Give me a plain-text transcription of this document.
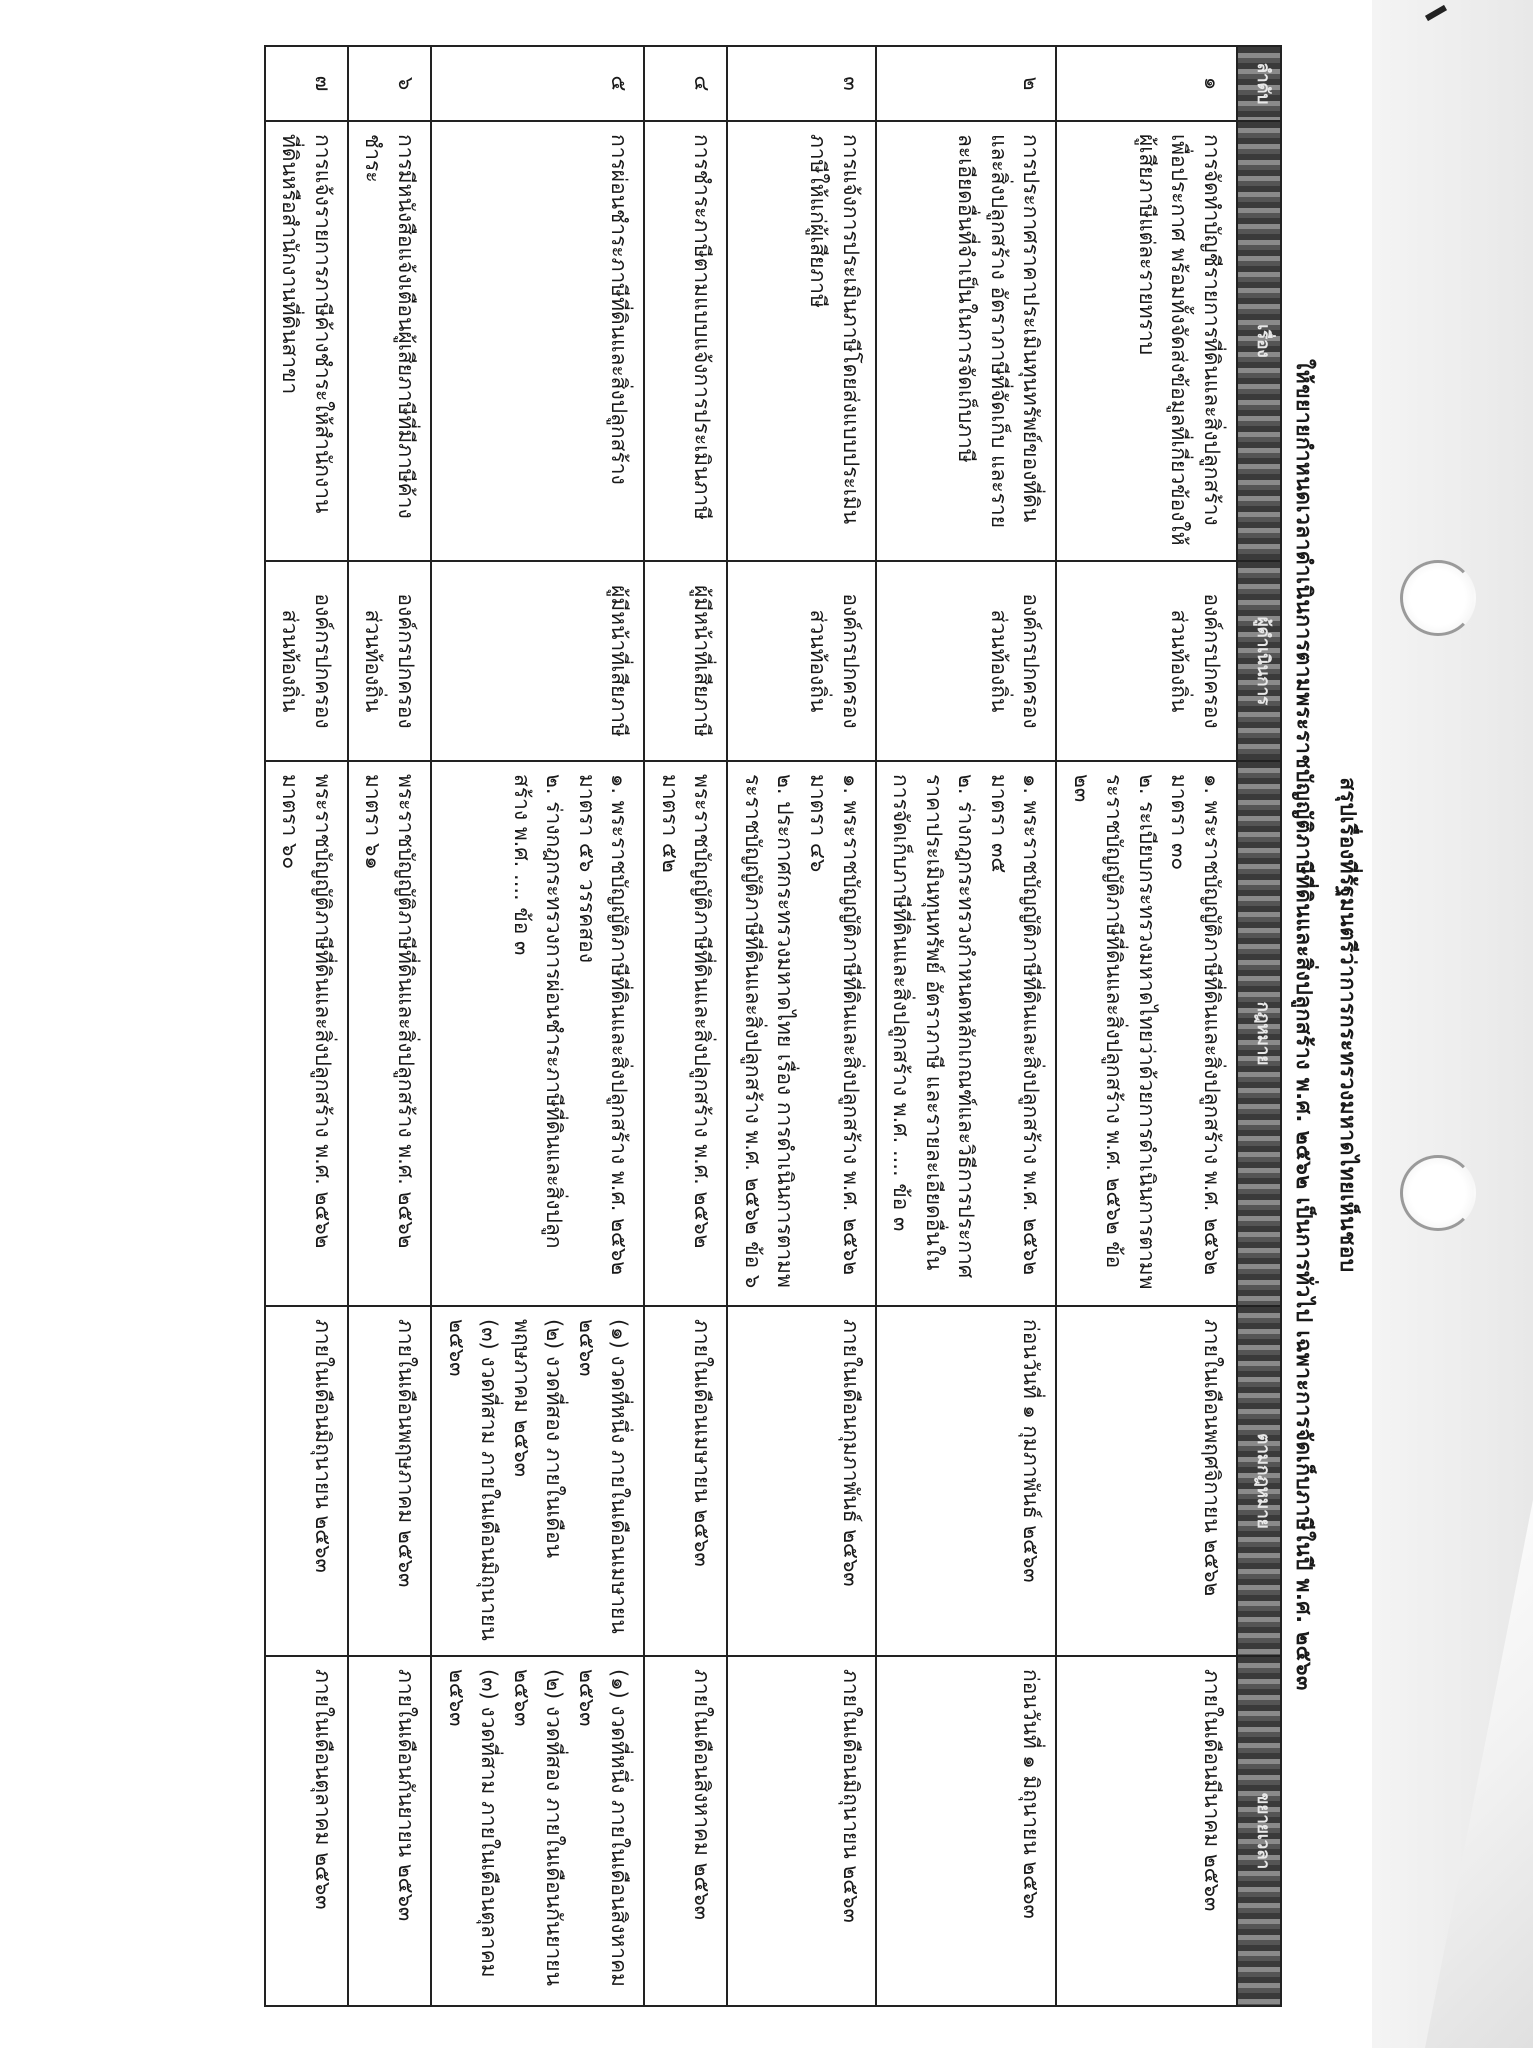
สรุปเรื่องที่รัฐมนตรีว่าการกระทรวงมหาดไทยเห็นชอบ
ให้ขยายกำหนดเวลาดำเนินการตามพระราชบัญญัติภาษีที่ดินและสิ่งปลูกสร้าง พ.ศ. ๒๕๖๒ เป็นการทั่วไป เฉพาะการจัดเก็บภาษีในปี พ.ศ. ๒๕๖๓
ลำดับ	เรื่อง	ผู้ดำเนินการ	กฎหมาย	ตามกฎหมาย	ขยายเวลา
๑	การจัดทำบัญชีรายการที่ดินและสิ่งปลูกสร้างเพื่อประกาศ พร้อมทั้งจัดส่งข้อมูลที่เกี่ยวข้องให้ผู้เสียภาษีแต่ละรายทราบ	องค์กรปกครองส่วนท้องถิ่น	๑. พระราชบัญญัติภาษีที่ดินและสิ่งปลูกสร้าง พ.ศ. ๒๕๖๒ มาตรา ๓๐
๒. ระเบียบกระทรวงมหาดไทยว่าด้วยการดำเนินการตามพระราชบัญญัติภาษีที่ดินและสิ่งปลูกสร้าง พ.ศ. ๒๕๖๒ ข้อ ๒๓	ภายในเดือนพฤศจิกายน ๒๕๖๒	ภายในเดือนมีนาคม ๒๕๖๓

๒	การประกาศราคาประเมินทุนทรัพย์ของที่ดินและสิ่งปลูกสร้าง อัตราภาษีที่จัดเก็บ และรายละเอียดอื่นที่จำเป็นในการจัดเก็บภาษี	องค์กรปกครองส่วนท้องถิ่น	๑. พระราชบัญญัติภาษีที่ดินและสิ่งปลูกสร้าง พ.ศ. ๒๕๖๒ มาตรา ๓๕
๒. ร่างกฎกระทรวงกำหนดหลักเกณฑ์และวิธีการประกาศราคาประเมินทุนทรัพย์ อัตราภาษี และรายละเอียดอื่นในการจัดเก็บภาษีที่ดินและสิ่งปลูกสร้าง พ.ศ. .... ข้อ ๓	ก่อนวันที่ ๑ กุมภาพันธ์ ๒๕๖๓	ก่อนวันที่ ๑ มิถุนายน ๒๕๖๓

๓	การแจ้งการประเมินภาษีโดยส่งแบบประเมินภาษีให้แก่ผู้เสียภาษี	องค์กรปกครองส่วนท้องถิ่น	๑. พระราชบัญญัติภาษีที่ดินและสิ่งปลูกสร้าง พ.ศ. ๒๕๖๒ มาตรา ๔๖
๒. ประกาศกระทรวงมหาดไทย เรื่อง การดำเนินการตามพระราชบัญญัติภาษีที่ดินและสิ่งปลูกสร้าง พ.ศ. ๒๕๖๒ ข้อ ๖	ภายในเดือนกุมภาพันธ์ ๒๕๖๓	ภายในเดือนมิถุนายน ๒๕๖๓

๔	การชำระภาษีตามแบบแจ้งการประเมินภาษี	ผู้มีหน้าที่เสียภาษี	พระราชบัญญัติภาษีที่ดินและสิ่งปลูกสร้าง พ.ศ. ๒๕๖๒ มาตรา ๕๒	ภายในเดือนเมษายน ๒๕๖๓	ภายในเดือนสิงหาคม ๒๕๖๓

๕	การผ่อนชำระภาษีที่ดินและสิ่งปลูกสร้าง	ผู้มีหน้าที่เสียภาษี	๑. พระราชบัญญัติภาษีที่ดินและสิ่งปลูกสร้าง พ.ศ. ๒๕๖๒ มาตรา ๕๖ วรรคสอง
๒. ร่างกฎกระทรวงการผ่อนชำระภาษีที่ดินและสิ่งปลูกสร้าง พ.ศ. .... ข้อ ๓	(๑) งวดที่หนึ่ง ภายในเดือนเมษายน ๒๕๖๓
(๒) งวดที่สอง ภายในเดือนพฤษภาคม ๒๕๖๓
(๓) งวดที่สาม ภายในเดือนมิถุนายน ๒๕๖๓	(๑) งวดที่หนึ่ง ภายในเดือนสิงหาคม ๒๕๖๓
(๒) งวดที่สอง ภายในเดือนกันยายน ๒๕๖๓
(๓) งวดที่สาม ภายในเดือนตุลาคม ๒๕๖๓

๖	การมีหนังสือแจ้งเตือนผู้เสียภาษีที่มีภาษีค้างชำระ	องค์กรปกครองส่วนท้องถิ่น	พระราชบัญญัติภาษีที่ดินและสิ่งปลูกสร้าง พ.ศ. ๒๕๖๒ มาตรา ๖๑	ภายในเดือนพฤษภาคม ๒๕๖๓	ภายในเดือนกันยายน ๒๕๖๓

๗	การแจ้งรายการภาษีค้างชำระให้สำนักงานที่ดินหรือสำนักงานที่ดินสาขา	องค์กรปกครองส่วนท้องถิ่น	พระราชบัญญัติภาษีที่ดินและสิ่งปลูกสร้าง พ.ศ. ๒๕๖๒ มาตรา ๖๐	ภายในเดือนมิถุนายน ๒๕๖๓	ภายในเดือนตุลาคม ๒๕๖๓
